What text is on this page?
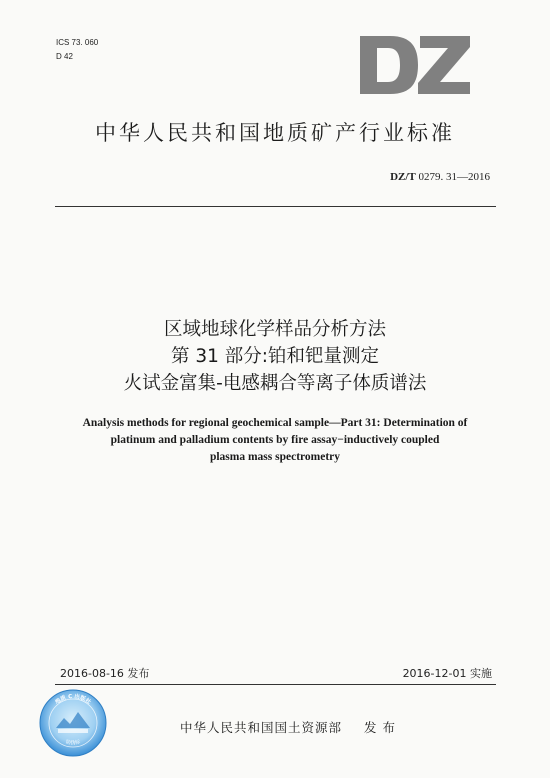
ICS 73. 060
D 42
中华人民共和国地质矿产行业标准
DZ/T 0279. 31—2016
区域地球化学样品分析方法
第 31 部分:铂和钯量测定
火试金富集-电感耦合等离子体质谱法
Analysis methods for regional geochemical sample—Part 31: Determination of
platinum and palladium contents by fire assay−inductively coupled
plasma mass spectrometry
2016-08-16 发布	2016-12-01 实施
地质 C 出版社
防伪标
中华人民共和国国土资源部 发 布
